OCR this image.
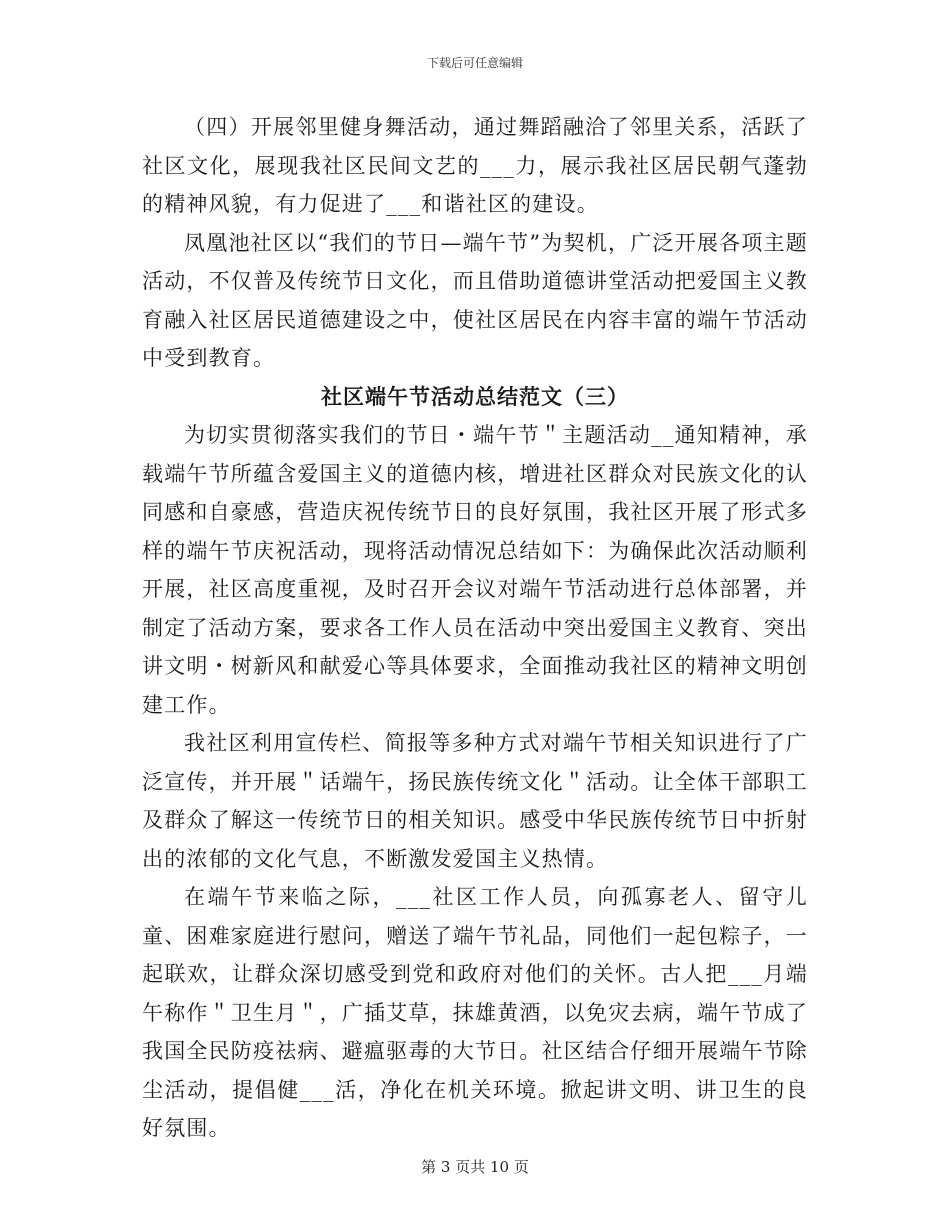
下载后可任意编辑

（四）开展邻里健身舞活动，通过舞蹈融洽了邻里关系，活跃了社区文化，展现我社区民间文艺的___力，展示我社区居民朝气蓬勃的精神风貌，有力促进了___和谐社区的建设。

凤凰池社区以“我们的节日—端午节”为契机，广泛开展各项主题活动，不仅普及传统节日文化，而且借助道德讲堂活动把爱国主义教育融入社区居民道德建设之中，使社区居民在内容丰富的端午节活动中受到教育。

社区端午节活动总结范文（三）

为切实贯彻落实我们的节日・端午节＂主题活动__通知精神，承载端午节所蕴含爱国主义的道德内核，增进社区群众对民族文化的认同感和自豪感，营造庆祝传统节日的良好氛围，我社区开展了形式多样的端午节庆祝活动，现将活动情况总结如下：为确保此次活动顺利开展，社区高度重视，及时召开会议对端午节活动进行总体部署，并制定了活动方案，要求各工作人员在活动中突出爱国主义教育、突出讲文明・树新风和献爱心等具体要求，全面推动我社区的精神文明创建工作。

我社区利用宣传栏、简报等多种方式对端午节相关知识进行了广泛宣传，并开展＂话端午，扬民族传统文化＂活动。让全体干部职工及群众了解这一传统节日的相关知识。感受中华民族传统节日中折射出的浓郁的文化气息，不断激发爱国主义热情。

在端午节来临之际，___社区工作人员，向孤寡老人、留守儿童、困难家庭进行慰问，赠送了端午节礼品，同他们一起包粽子，一起联欢，让群众深切感受到党和政府对他们的关怀。古人把___月端午称作＂卫生月＂，广插艾草，抹雄黄酒，以免灾去病，端午节成了我国全民防疫祛病、避瘟驱毒的大节日。社区结合仔细开展端午节除尘活动，提倡健___活，净化在机关环境。掀起讲文明、讲卫生的良好氛围。

第 3 页共 10 页
